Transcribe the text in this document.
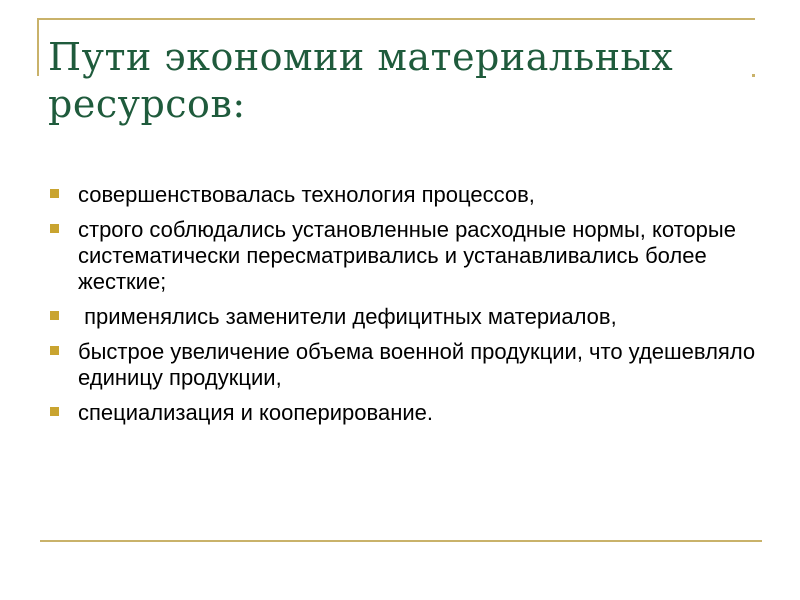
Пути экономии материальных ресурсов:
совершенствовалась технология процессов,
строго соблюдались установленные расходные нормы, которые систематически пересматривались и устанавливались более жесткие;
применялись заменители дефицитных материалов,
быстрое увеличение объема военной продукции, что удешевляло единицу продукции,
специализация и кооперирование.
